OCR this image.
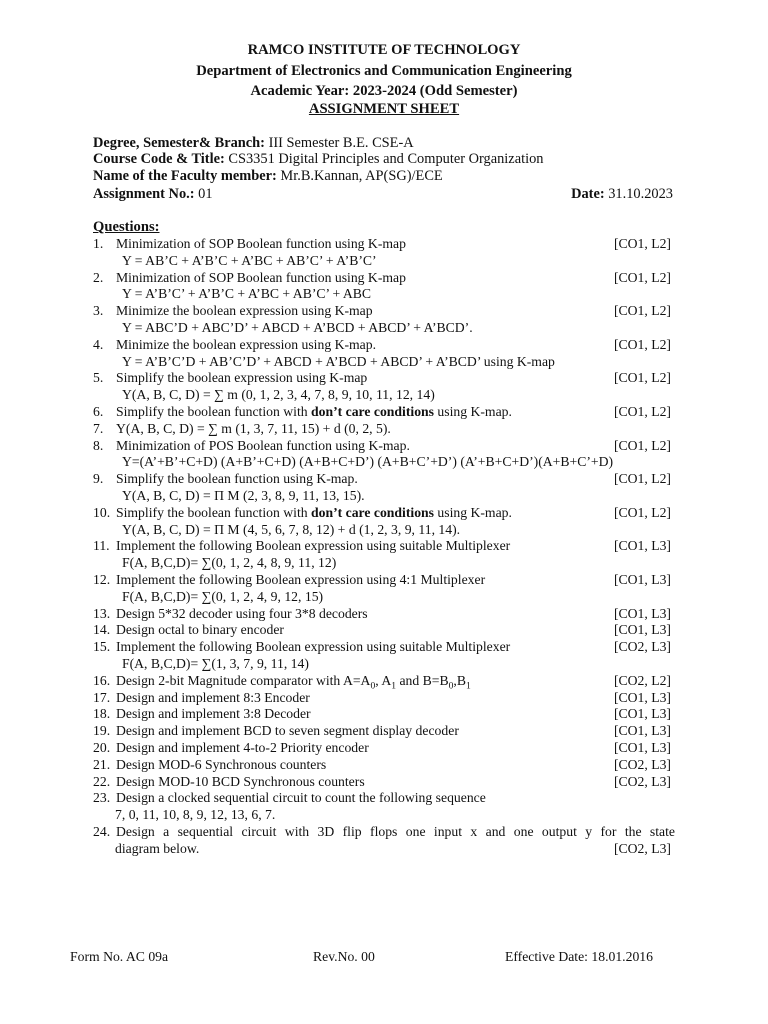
RAMCO INSTITUTE OF TECHNOLOGY
Department of Electronics and Communication Engineering
Academic Year: 2023-2024 (Odd Semester)
ASSIGNMENT SHEET
Degree, Semester& Branch: III Semester B.E. CSE-A
Course Code & Title: CS3351 Digital Principles and Computer Organization
Name of the Faculty member: Mr.B.Kannan, AP(SG)/ECE
Assignment No.: 01	Date: 31.10.2023
Questions:
1. Minimization of SOP Boolean function using K-map	[CO1, L2]
Y = AB’C + A’B’C + A’BC + AB’C’ + A’B’C’
2. Minimization of SOP Boolean function using K-map	[CO1, L2]
Y = A’B’C’ + A’B’C + A’BC + AB’C’ + ABC
3. Minimize the boolean expression using K-map	[CO1, L2]
Y = ABC’D + ABC’D’ + ABCD + A’BCD + ABCD’ + A’BCD’.
4. Minimize the boolean expression using K-map.	[CO1, L2]
Y = A’B’C’D + AB’C’D’ + ABCD + A’BCD + ABCD’ + A’BCD’ using K-map
5. Simplify the boolean expression using K-map	[CO1, L2]
Y(A, B, C, D) = ∑ m (0, 1, 2, 3, 4, 7, 8, 9, 10, 11, 12, 14)
6. Simplify the boolean function with don’t care conditions using K-map.	[CO1, L2]
7. Y(A, B, C, D) = ∑ m (1, 3, 7, 11, 15) + d (0, 2, 5).
8. Minimization of POS Boolean function using K-map.	[CO1, L2]
Y=(A’+B’+C+D) (A+B’+C+D) (A+B+C+D’) (A+B+C’+D’) (A’+B+C+D’)(A+B+C’+D)
9. Simplify the boolean function using K-map.	[CO1, L2]
Y(A, B, C, D) = Π M (2, 3, 8, 9, 11, 13, 15).
10. Simplify the boolean function with don’t care conditions using K-map.	[CO1, L2]
Y(A, B, C, D) = Π M (4, 5, 6, 7, 8, 12) + d (1, 2, 3, 9, 11, 14).
11. Implement the following Boolean expression using suitable Multiplexer	[CO1, L3]
F(A, B,C,D)= ∑(0, 1, 2, 4, 8, 9, 11, 12)
12. Implement the following Boolean expression using 4:1 Multiplexer	[CO1, L3]
F(A, B,C,D)= ∑(0, 1, 2, 4, 9, 12, 15)
13. Design 5*32 decoder using four 3*8 decoders	[CO1, L3]
14. Design octal to binary encoder	[CO1, L3]
15. Implement the following Boolean expression using suitable Multiplexer	[CO2, L3]
F(A, B,C,D)= ∑(1, 3, 7, 9, 11, 14)
16. Design 2-bit Magnitude comparator with $A=A_0$, $A_1$ and $B=B_0,B_1$	[CO2, L2]
17. Design and implement 8:3 Encoder	[CO1, L3]
18. Design and implement 3:8 Decoder	[CO1, L3]
19. Design and implement BCD to seven segment display decoder	[CO1, L3]
20. Design and implement 4-to-2 Priority encoder	[CO1, L3]
21. Design MOD-6 Synchronous counters	[CO2, L3]
22. Design MOD-10 BCD Synchronous counters	[CO2, L3]
23. Design a clocked sequential circuit to count the following sequence
7, 0, 11, 10, 8, 9, 12, 13, 6, 7.
24. Design a sequential circuit with 3D flip flops one input x and one output y for the state
diagram below.	[CO2, L3]
Form No. AC 09a	Rev.No. 00	Effective Date: 18.01.2016
